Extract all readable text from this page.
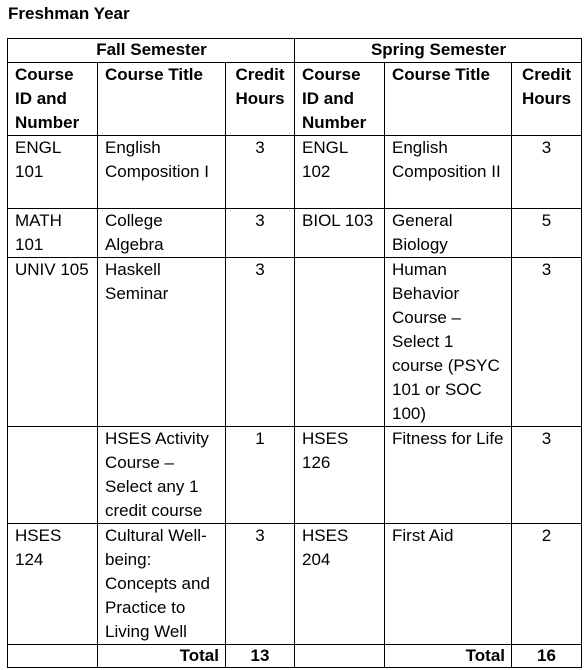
Freshman Year
Fall Semester			Spring Semester		
Course ID and Number	Course Title	Credit Hours	Course ID and Number	Course Title	Credit Hours
ENGL 101	English Composition I	3	ENGL 102	English Composition II	3
MATH 101	College Algebra	3	BIOL 103	General Biology	5
UNIV 105	Haskell Seminar	3		Human Behavior Course – Select 1 course (PSYC 101 or SOC 100)	3
	HSES Activity Course – Select any 1 credit course	1	HSES 126	Fitness for Life	3
HSES 124	Cultural Well-being: Concepts and Practice to Living Well	3	HSES 204	First Aid	2
	Total	13		Total	16
